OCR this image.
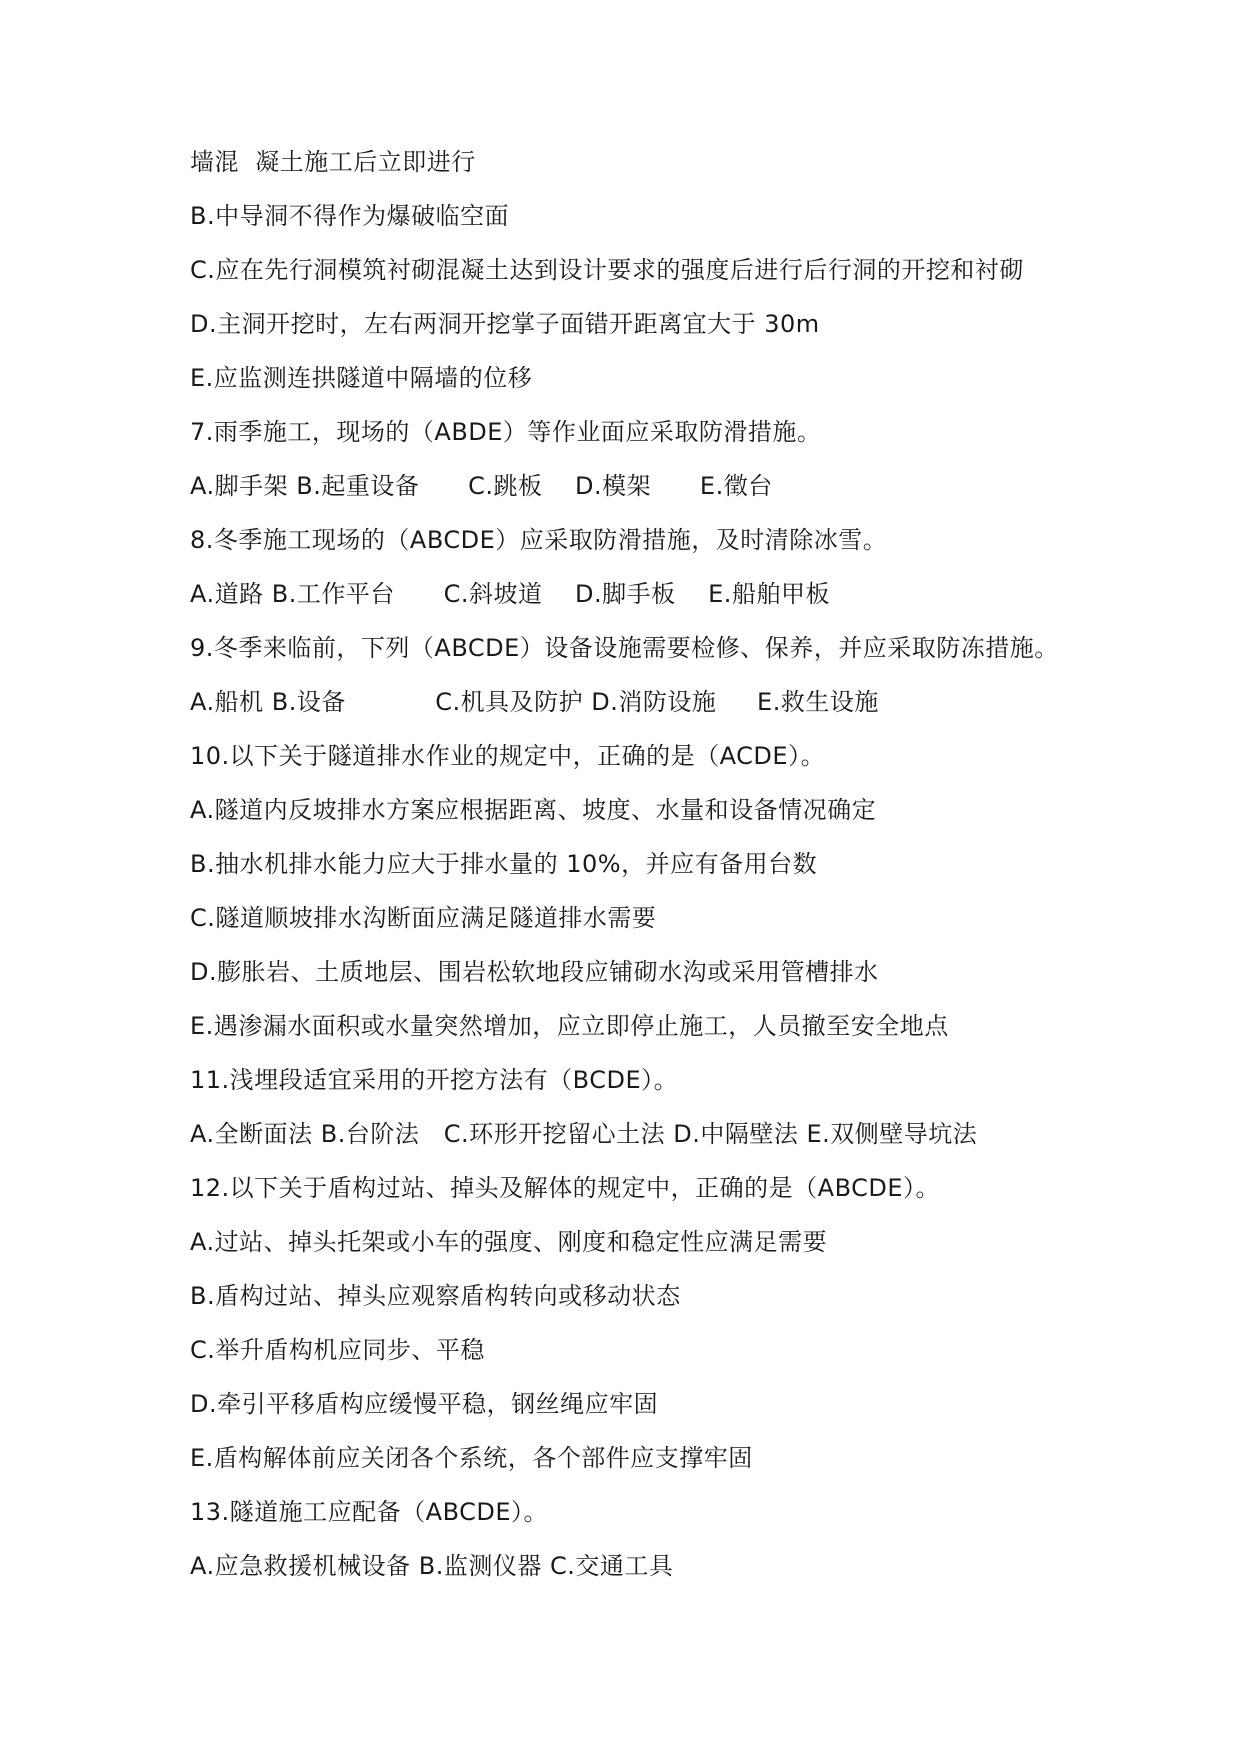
墙混  凝土施工后立即进行
B.中导洞不得作为爆破临空面
C.应在先行洞模筑衬砌混凝土达到设计要求的强度后进行后行洞的开挖和衬砌
D.主洞开挖时，左右两洞开挖掌子面错开距离宜大于 30m
E.应监测连拱隧道中隔墙的位移
7.雨季施工，现场的（ABDE）等作业面应采取防滑措施。
A.脚手架 B.起重设备      C.跳板    D.模架      E.徵台
8.冬季施工现场的（ABCDE）应采取防滑措施，及时清除冰雪。
A.道路 B.工作平台      C.斜坡道    D.脚手板    E.船舶甲板
9.冬季来临前，下列（ABCDE）设备设施需要检修、保养，并应采取防冻措施。
A.船机 B.设备           C.机具及防护 D.消防设施     E.救生设施
10.以下关于隧道排水作业的规定中，正确的是（ACDE）。
A.隧道内反坡排水方案应根据距离、坡度、水量和设备情况确定
B.抽水机排水能力应大于排水量的 10%，并应有备用台数
C.隧道顺坡排水沟断面应满足隧道排水需要
D.膨胀岩、土质地层、围岩松软地段应铺砌水沟或采用管槽排水
E.遇渗漏水面积或水量突然增加，应立即停止施工，人员撤至安全地点
11.浅埋段适宜采用的开挖方法有（BCDE）。
A.全断面法 B.台阶法   C.环形开挖留心土法 D.中隔壁法 E.双侧壁导坑法
12.以下关于盾构过站、掉头及解体的规定中，正确的是（ABCDE）。
A.过站、掉头托架或小车的强度、刚度和稳定性应满足需要
B.盾构过站、掉头应观察盾构转向或移动状态
C.举升盾构机应同步、平稳
D.牵引平移盾构应缓慢平稳，钢丝绳应牢固
E.盾构解体前应关闭各个系统，各个部件应支撑牢固
13.隧道施工应配备（ABCDE）。
A.应急救援机械设备 B.监测仪器 C.交通工具
